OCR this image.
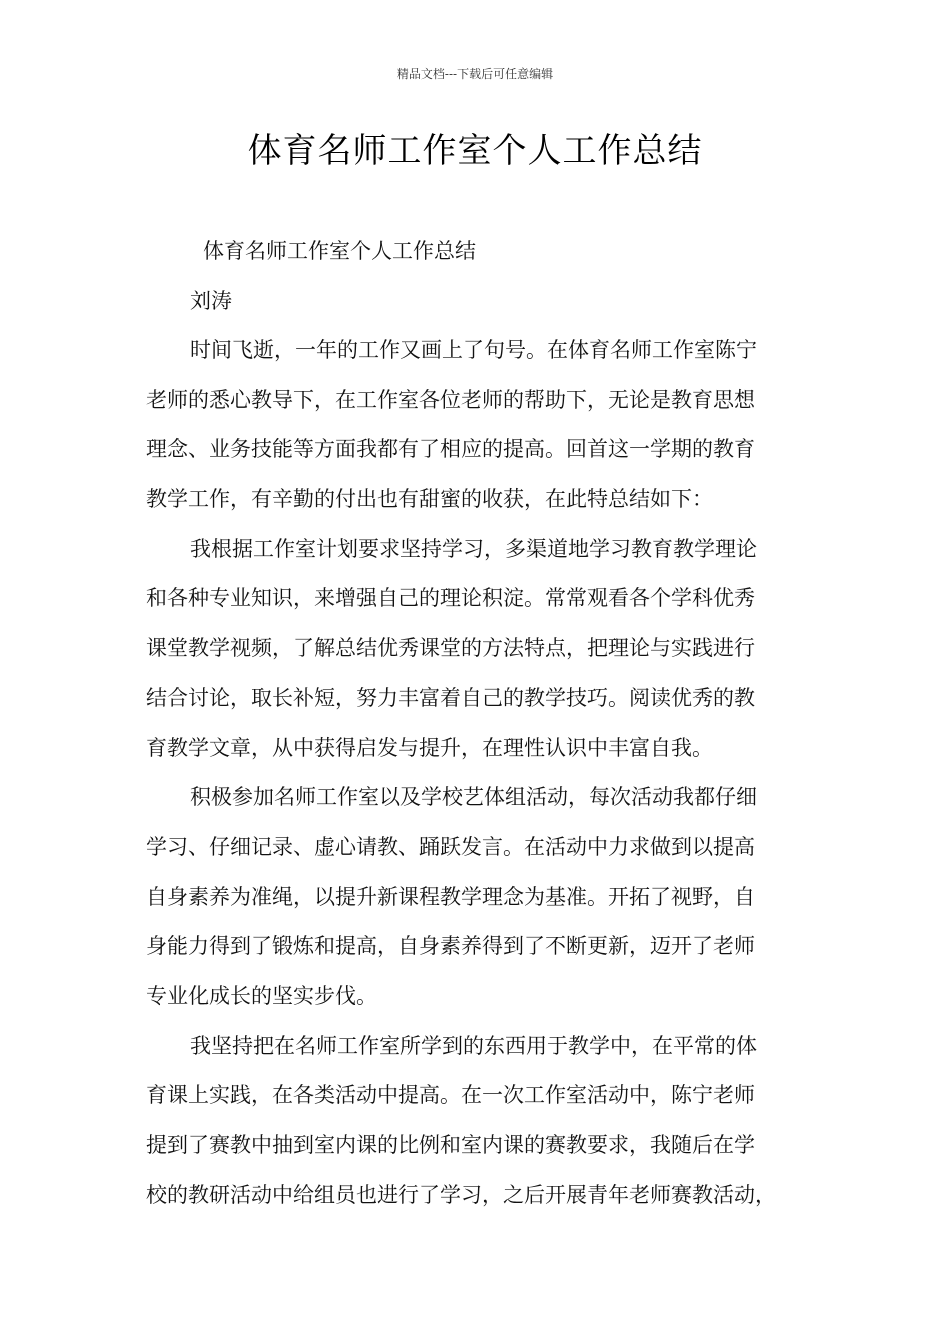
精品文档---下载后可任意编辑
体育名师工作室个人工作总结
体育名师工作室个人工作总结
刘涛
时间飞逝，一年的工作又画上了句号。在体育名师工作室陈宁
老师的悉心教导下，在工作室各位老师的帮助下，无论是教育思想
理念、业务技能等方面我都有了相应的提高。回首这一学期的教育
教学工作，有辛勤的付出也有甜蜜的收获，在此特总结如下：
我根据工作室计划要求坚持学习，多渠道地学习教育教学理论
和各种专业知识，来增强自己的理论积淀。常常观看各个学科优秀
课堂教学视频，了解总结优秀课堂的方法特点，把理论与实践进行
结合讨论，取长补短，努力丰富着自己的教学技巧。阅读优秀的教
育教学文章，从中获得启发与提升，在理性认识中丰富自我。
积极参加名师工作室以及学校艺体组活动，每次活动我都仔细
学习、仔细记录、虚心请教、踊跃发言。在活动中力求做到以提高
自身素养为准绳，以提升新课程教学理念为基准。开拓了视野，自
身能力得到了锻炼和提高，自身素养得到了不断更新，迈开了老师
专业化成长的坚实步伐。
我坚持把在名师工作室所学到的东西用于教学中，在平常的体
育课上实践，在各类活动中提高。在一次工作室活动中，陈宁老师
提到了赛教中抽到室内课的比例和室内课的赛教要求，我随后在学
校的教研活动中给组员也进行了学习，之后开展青年老师赛教活动，
